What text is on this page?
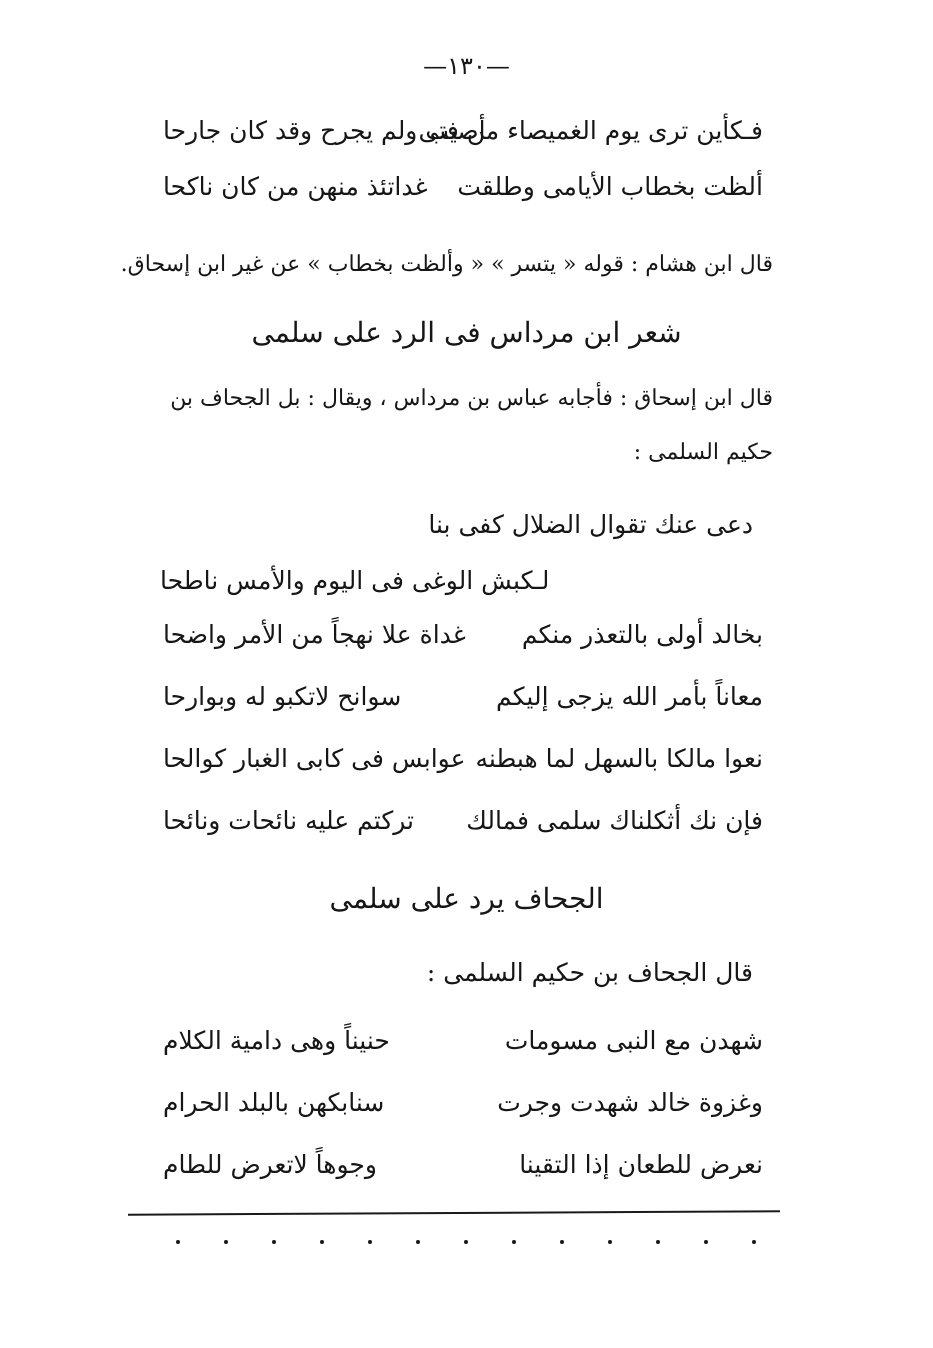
—١٣٠—
فـكأين ترى يوم الغميصاء من فتى
أصيب ولم يجرح وقد كان جارحا
ألظت بخطاب الأيامى وطلقت
غداتئذ منهن من كان ناكحا
قال ابن هشام : قوله « يتسر » « وألظت بخطاب » عن غير ابن إسحاق.
شعر ابن مرداس فى الرد على سلمى
قال ابن إسحاق : فأجابه عباس بن مرداس ، ويقال : بل الجحاف بن
حكيم السلمى :
دعى عنك تقوال الضلال كفى بنا
لـكبش الوغى فى اليوم والأمس ناطحا
بخالد أولى بالتعذر منكم
غداة علا نهجاً من الأمر واضحا
معاناً بأمر الله يزجى إليكم
سوانح لاتكبو له وبوارحا
نعوا مالكا بالسهل لما هبطنه
عوابس فى كابى الغبار كوالحا
فإن نك أثكلناك سلمى فمالك
تركتم عليه نائحات ونائحا
الجحاف يرد على سلمى
قال الجحاف بن حكيم السلمى :
شهدن مع النبى مسومات
حنيناً وهى دامية الكلام
وغزوة خالد شهدت وجرت
سنابكهن بالبلد الحرام
نعرض للطعان إذا التقينا
وجوهاً لاتعرض للطام
